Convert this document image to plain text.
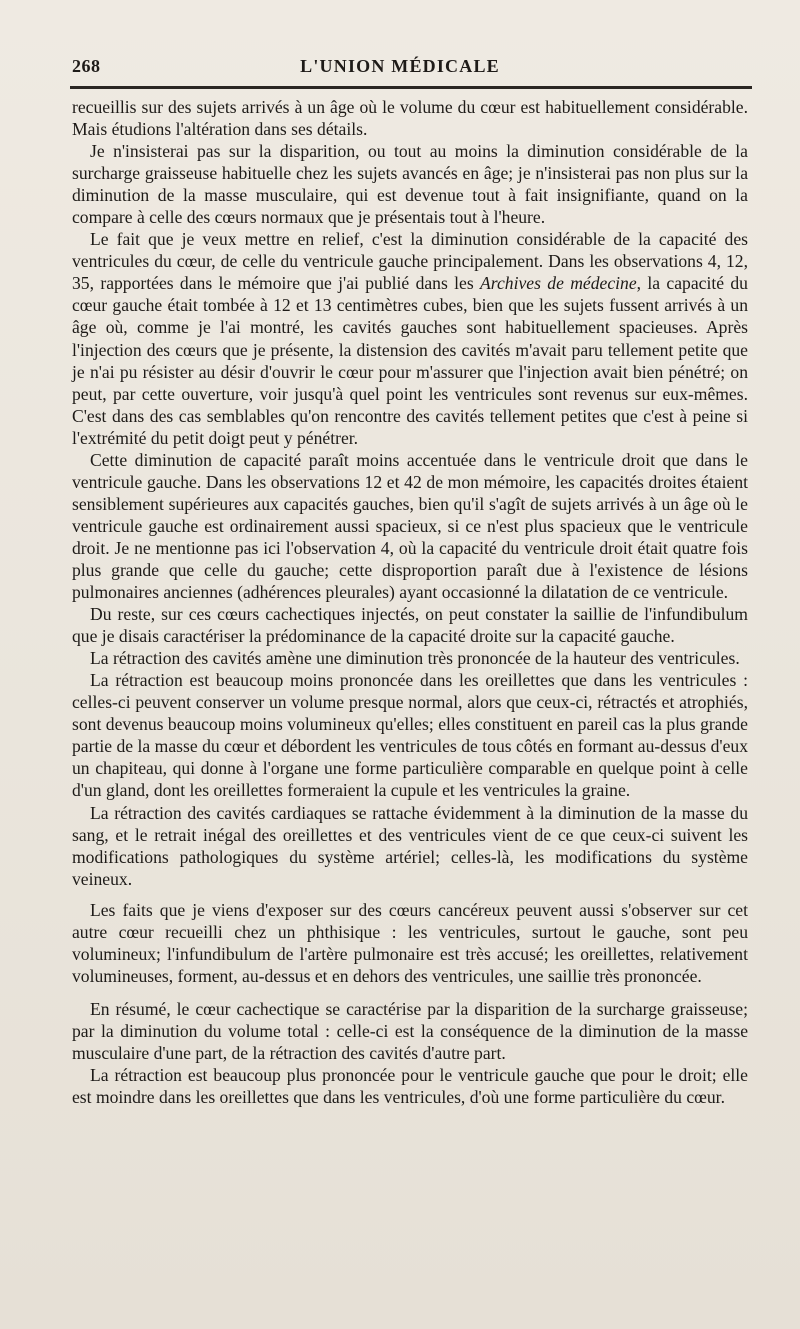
268	L'UNION MÉDICALE

recueillis sur des sujets arrivés à un âge où le volume du cœur est habituellement considérable. Mais étudions l'altération dans ses détails.

Je n'insisterai pas sur la disparition, ou tout au moins la diminution considérable de la surcharge graisseuse habituelle chez les sujets avancés en âge; je n'insisterai pas non plus sur la diminution de la masse musculaire, qui est devenue tout à fait insignifiante, quand on la compare à celle des cœurs normaux que je présentais tout à l'heure.

Le fait que je veux mettre en relief, c'est la diminution considérable de la capacité des ventricules du cœur, de celle du ventricule gauche principalement. Dans les observations 4, 12, 35, rapportées dans le mémoire que j'ai publié dans les Archives de médecine, la capacité du cœur gauche était tombée à 12 et 13 centimètres cubes, bien que les sujets fussent arrivés à un âge où, comme je l'ai montré, les cavités gauches sont habituellement spacieuses. Après l'injection des cœurs que je présente, la distension des cavités m'avait paru tellement petite que je n'ai pu résister au désir d'ouvrir le cœur pour m'assurer que l'injection avait bien pénétré; on peut, par cette ouverture, voir jusqu'à quel point les ventricules sont revenus sur eux-mêmes. C'est dans des cas semblables qu'on rencontre des cavités tellement petites que c'est à peine si l'extrémité du petit doigt peut y pénétrer.

Cette diminution de capacité paraît moins accentuée dans le ventricule droit que dans le ventricule gauche. Dans les observations 12 et 42 de mon mémoire, les capacités droites étaient sensiblement supérieures aux capacités gauches, bien qu'il s'agît de sujets arrivés à un âge où le ventricule gauche est ordinairement aussi spacieux, si ce n'est plus spacieux que le ventricule droit. Je ne mentionne pas ici l'observation 4, où la capacité du ventricule droit était quatre fois plus grande que celle du gauche; cette disproportion paraît due à l'existence de lésions pulmonaires anciennes (adhérences pleurales) ayant occasionné la dilatation de ce ventricule.

Du reste, sur ces cœurs cachectiques injectés, on peut constater la saillie de l'infundibulum que je disais caractériser la prédominance de la capacité droite sur la capacité gauche.

La rétraction des cavités amène une diminution très prononcée de la hauteur des ventricules.

La rétraction est beaucoup moins prononcée dans les oreillettes que dans les ventricules : celles-ci peuvent conserver un volume presque normal, alors que ceux-ci, rétractés et atrophiés, sont devenus beaucoup moins volumineux qu'elles; elles constituent en pareil cas la plus grande partie de la masse du cœur et débordent les ventricules de tous côtés en formant au-dessus d'eux un chapiteau, qui donne à l'organe une forme particulière comparable en quelque point à celle d'un gland, dont les oreillettes formeraient la cupule et les ventricules la graine.

La rétraction des cavités cardiaques se rattache évidemment à la diminution de la masse du sang, et le retrait inégal des oreillettes et des ventricules vient de ce que ceux-ci suivent les modifications pathologiques du système artériel; celles-là, les modifications du système veineux.

Les faits que je viens d'exposer sur des cœurs cancéreux peuvent aussi s'observer sur cet autre cœur recueilli chez un phthisique : les ventricules, surtout le gauche, sont peu volumineux; l'infundibulum de l'artère pulmonaire est très accusé; les oreillettes, relativement volumineuses, forment, au-dessus et en dehors des ventricules, une saillie très prononcée.

En résumé, le cœur cachectique se caractérise par la disparition de la surcharge graisseuse; par la diminution du volume total : celle-ci est la conséquence de la diminution de la masse musculaire d'une part, de la rétraction des cavités d'autre part.

La rétraction est beaucoup plus prononcée pour le ventricule gauche que pour le droit; elle est moindre dans les oreillettes que dans les ventricules, d'où une forme particulière du cœur.
